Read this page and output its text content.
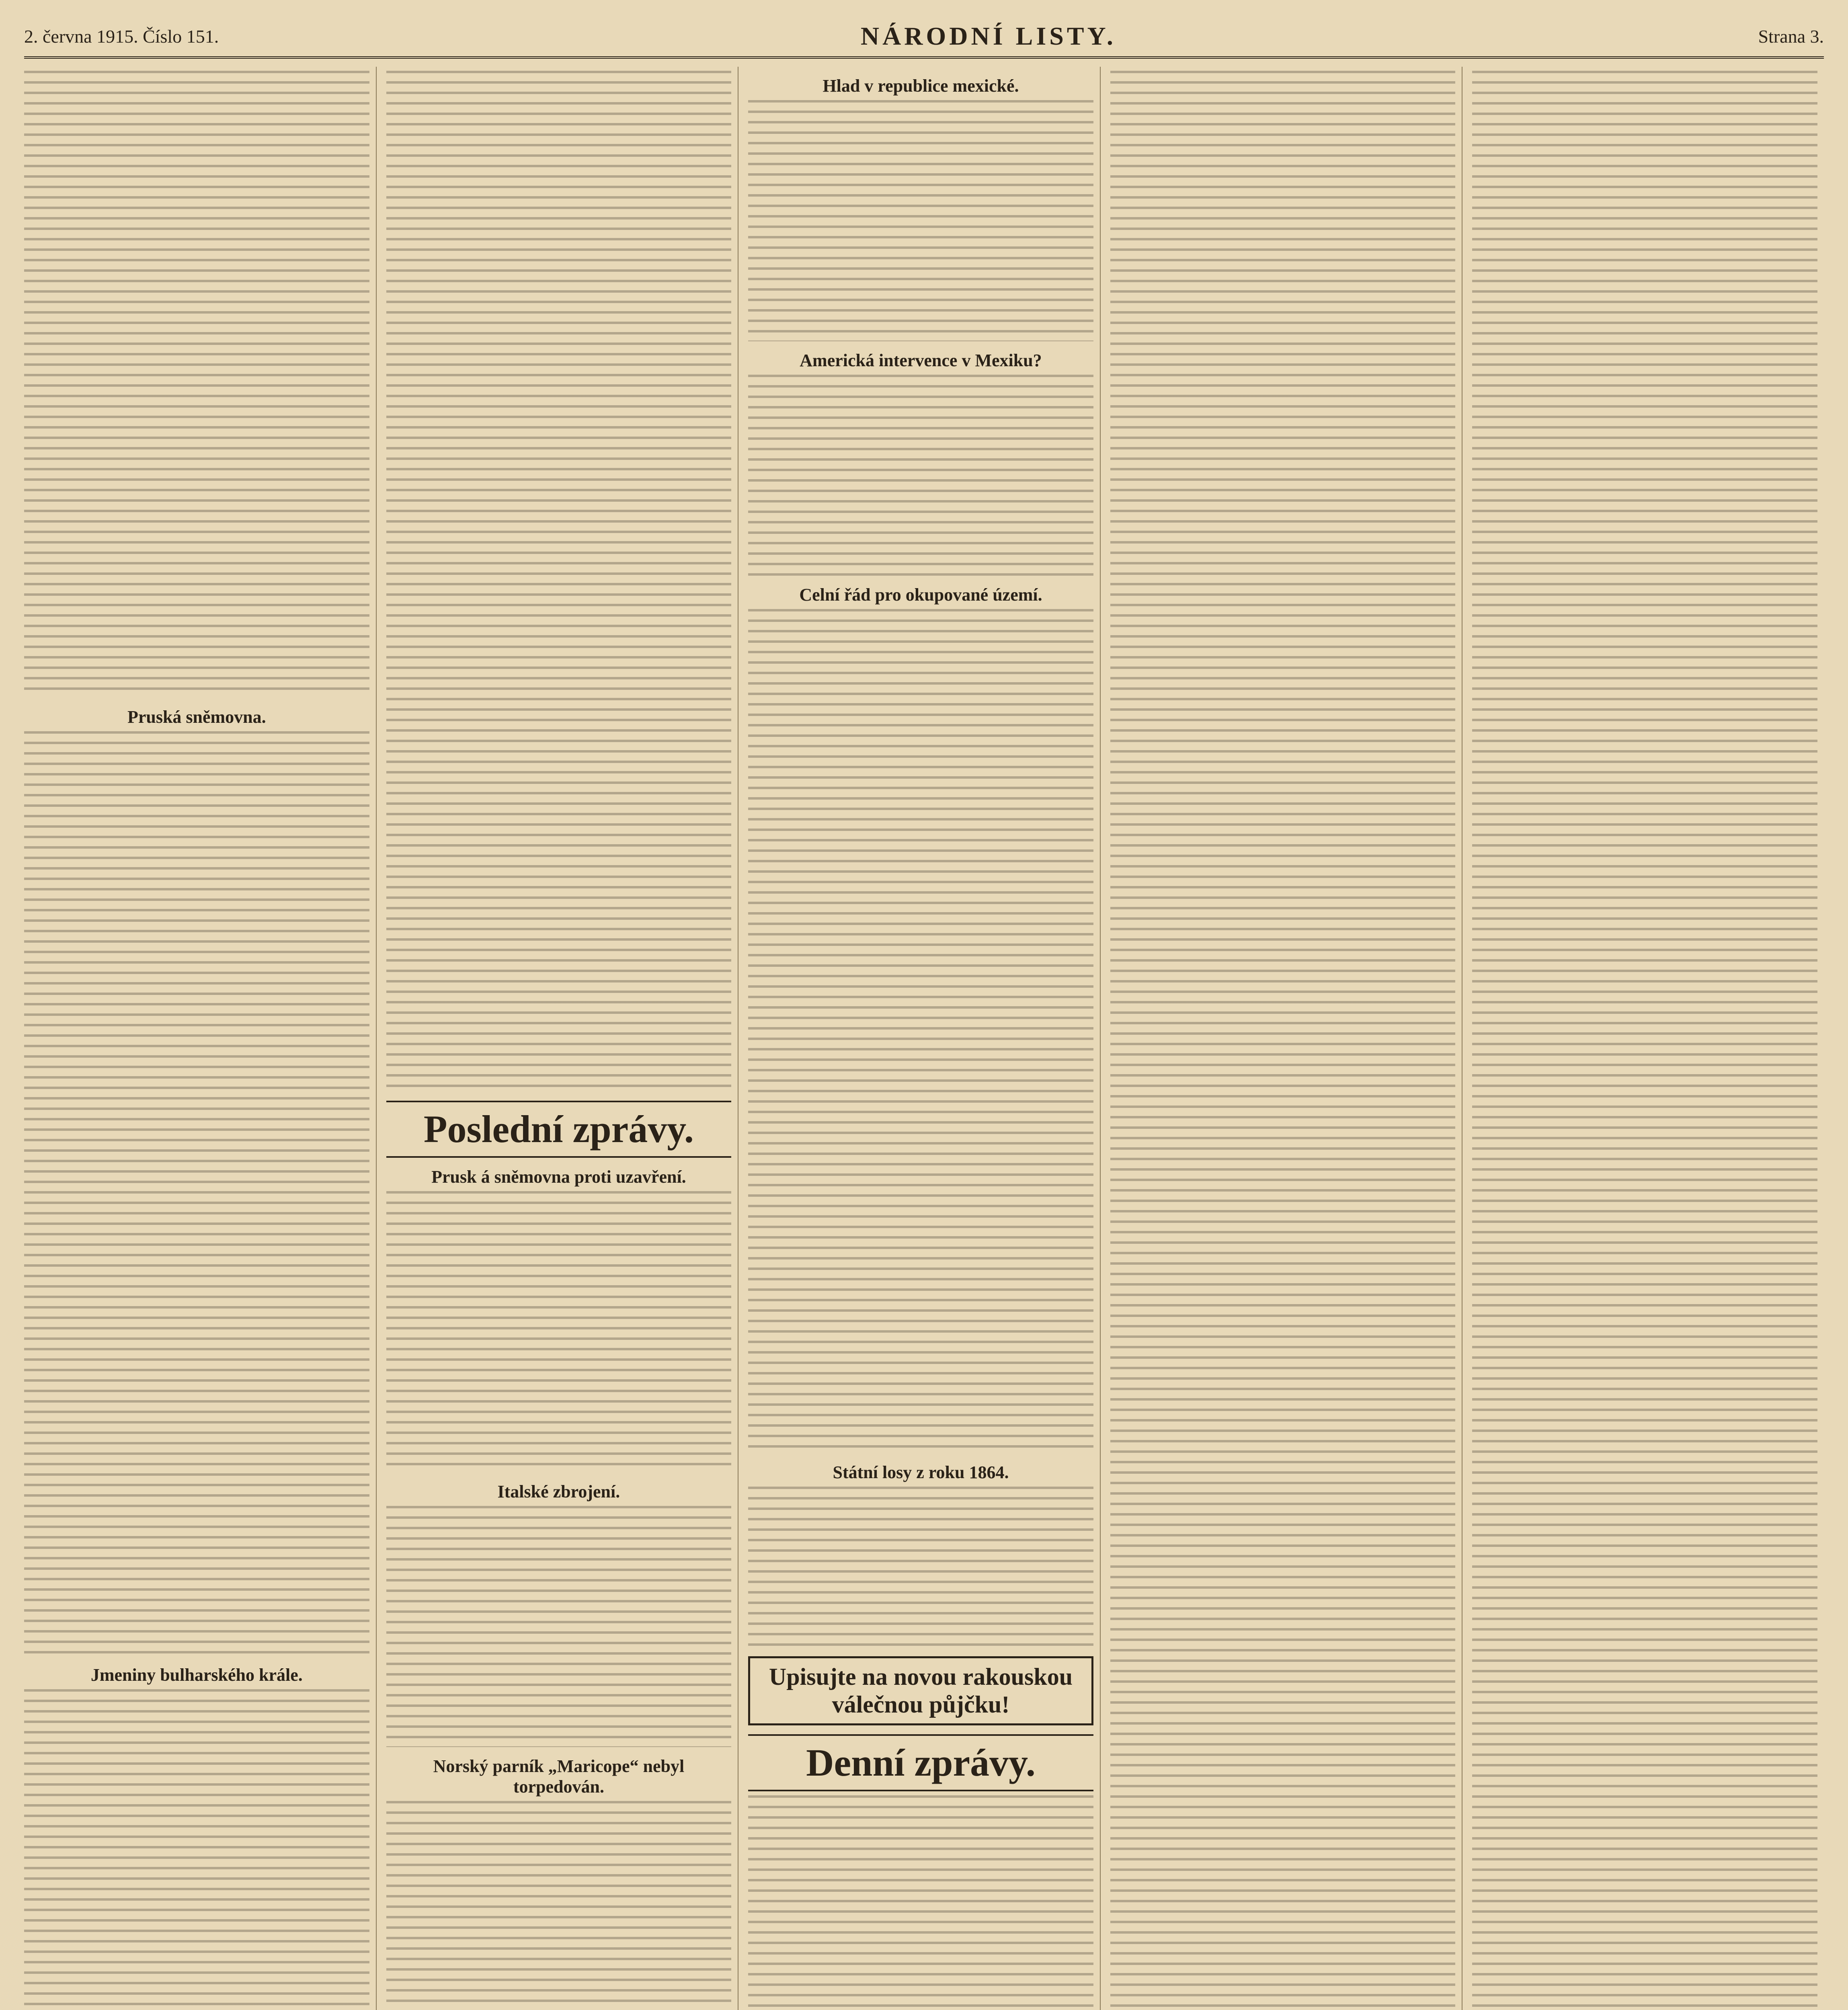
2. června 1915. Číslo 151.	NÁRODNÍ LISTY.	Strana 3.
Pruská sněmovna.
Jmeniny bulharského krále.
Poslední zprávy.
Prusk á sněmovna proti uzavření.
Italské zbrojení.
Norský parník „Maricope“ nebyl torpedován.
Hlad v republice mexické.
Americká intervence v Mexiku?
Celní řád pro okupované území.
Státní losy z roku 1864.
Upisujte na novou rakouskou válečnou půjčku!
Denní zprávy.
